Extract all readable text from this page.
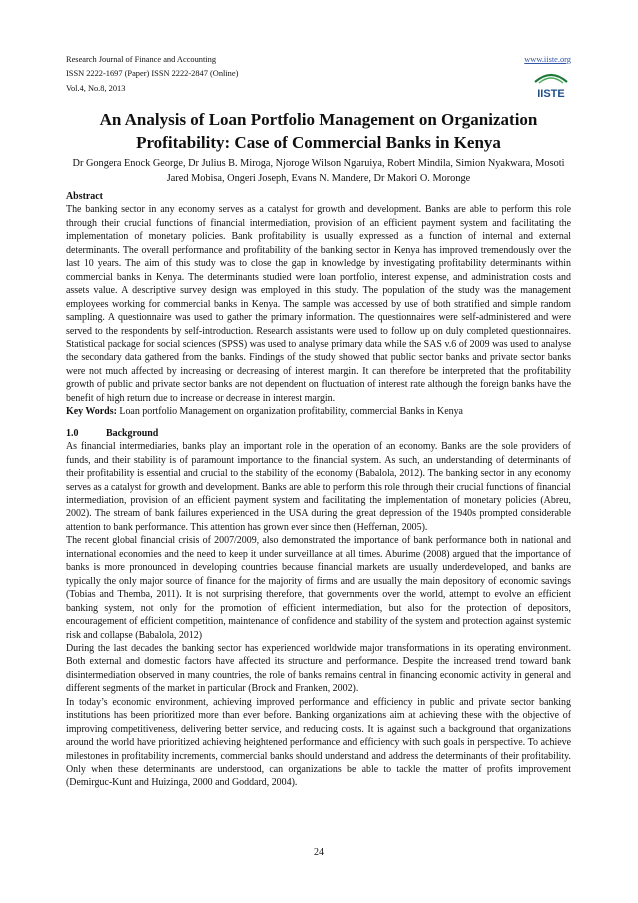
Research Journal of Finance and Accounting
ISSN 2222-1697 (Paper) ISSN 2222-2847 (Online)
Vol.4, No.8, 2013
www.iiste.org
IISTE
An Analysis of Loan Portfolio Management on Organization Profitability: Case of Commercial Banks in Kenya
Dr Gongera Enock George, Dr Julius B. Miroga, Njoroge Wilson Ngaruiya, Robert Mindila, Simion Nyakwara, Mosoti Jared Mobisa, Ongeri Joseph, Evans N. Mandere, Dr Makori O. Moronge

Abstract

The banking sector in any economy serves as a catalyst for growth and development. Banks are able to perform this role through their crucial functions of financial intermediation, provision of an efficient payment system and facilitating the implementation of monetary policies. Bank profitability is usually expressed as a function of internal and external determinants. The overall performance and profitability of the banking sector in Kenya has improved tremendously over the last 10 years. The aim of this study was to close the gap in knowledge by investigating profitability determinants within commercial banks in Kenya. The determinants studied were loan portfolio, interest expense, and administration costs and assets value. A descriptive survey design was employed in this study. The population of the study was the management employees working for commercial banks in Kenya. The sample was accessed by use of both stratified and simple random sampling. A questionnaire was used to gather the primary information. The questionnaires were self-administered and were served to the respondents by self-introduction. Research assistants were used to follow up on duly completed questionnaires. Statistical package for social sciences (SPSS) was used to analyse primary data while the SAS v.6 of 2009 was used to analyse the secondary data gathered from the banks. Findings of the study showed that public sector banks and private sector banks were not much affected by increasing or decreasing of interest margin. It can therefore be interpreted that the profitability growth of public and private sector banks are not dependent on fluctuation of interest rate although the foreign banks have the benefit of high return due to increase or decrease in interest margin.

Key Words: Loan portfolio Management on organization profitability, commercial Banks in Kenya

1.0	Background

As financial intermediaries, banks play an important role in the operation of an economy. Banks are the sole providers of funds, and their stability is of paramount importance to the financial system. As such, an understanding of determinants of their profitability is essential and crucial to the stability of the economy (Babalola, 2012). The banking sector in any economy serves as a catalyst for growth and development. Banks are able to perform this role through their crucial functions of financial intermediation, provision of an efficient payment system and facilitating the implementation of monetary policies (Abreu, 2002). The stream of bank failures experienced in the USA during the great depression of the 1940s prompted considerable attention to bank performance. This attention has grown ever since then (Heffernan, 2005).

The recent global financial crisis of 2007/2009, also demonstrated the importance of bank performance both in national and international economies and the need to keep it under surveillance at all times. Aburime (2008) argued that the importance of banks is more pronounced in developing countries because financial markets are usually underdeveloped, and banks are typically the only major source of finance for the majority of firms and are usually the main depository of economic savings (Tobias and Themba, 2011). It is not surprising therefore, that governments over the world, attempt to evolve an efficient banking system, not only for the promotion of efficient intermediation, but also for the protection of depositors, encouragement of efficient competition, maintenance of confidence and stability of the system and protection against systemic risk and collapse (Babalola, 2012)

During the last decades the banking sector has experienced worldwide major transformations in its operating environment. Both external and domestic factors have affected its structure and performance. Despite the increased trend toward bank disintermediation observed in many countries, the role of banks remains central in financing economic activity in general and different segments of the market in particular (Brock and Franken, 2002).

In today’s economic environment, achieving improved performance and efficiency in public and private sector banking institutions has been prioritized more than ever before. Banking organizations aim at achieving these with the objective of improving competitiveness, delivering better service, and reducing costs. It is against such a background that organizations around the world have prioritized achieving heightened performance and efficiency with such goals in perspective. To achieve milestones in profitability increments, commercial banks should understand and address the determinants of their profitability. Only when these determinants are understood, can organizations be able to tackle the matter of profits improvement (Demirguc-Kunt and Huizinga, 2000 and Goddard, 2004).

24
